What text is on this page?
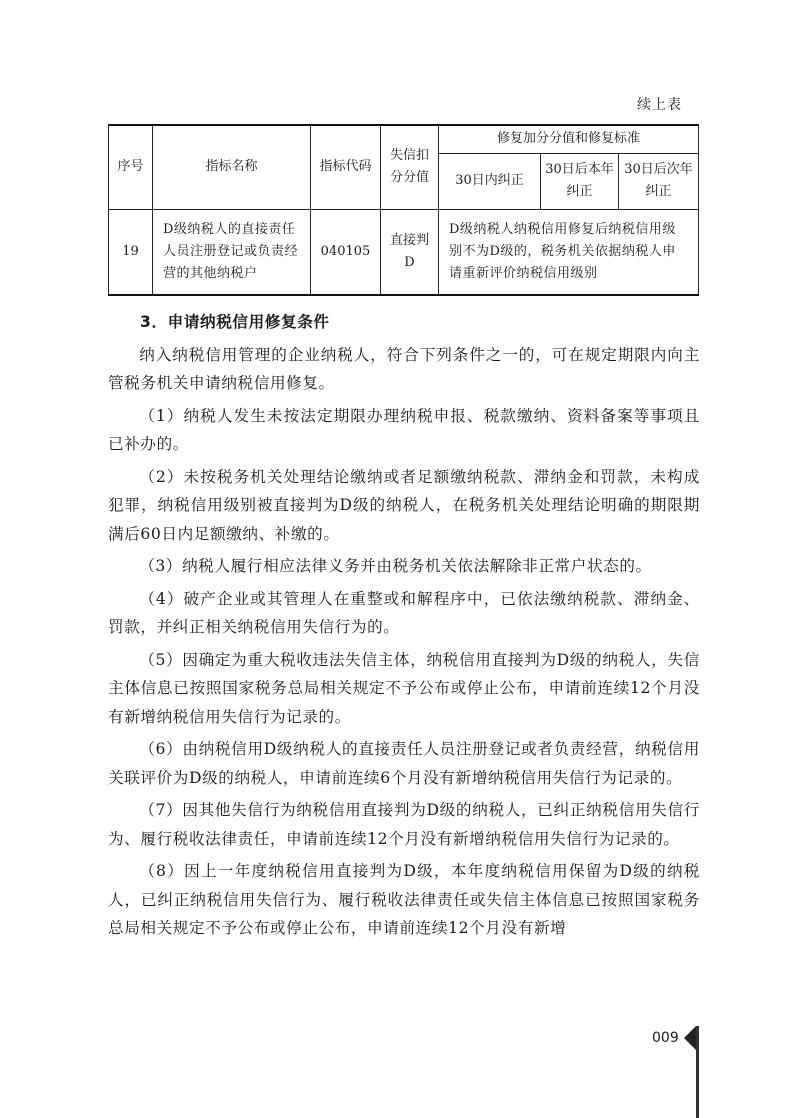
续上表
序号	指标名称	指标代码	失信扣分分值	修复加分分值和修复标准		
				30日内纠正	30日后本年纠正	30日后次年纠正
19	D级纳税人的直接责任人员注册登记或负责经营的其他纳税户	040105	直接判D	D级纳税人纳税信用修复后纳税信用级别不为D级的，税务机关依据纳税人申请重新评价纳税信用级别		
3．申请纳税信用修复条件

纳入纳税信用管理的企业纳税人，符合下列条件之一的，可在规定期限内向主管税务机关申请纳税信用修复。

（1）纳税人发生未按法定期限办理纳税申报、税款缴纳、资料备案等事项且已补办的。

（2）未按税务机关处理结论缴纳或者足额缴纳税款、滞纳金和罚款，未构成犯罪，纳税信用级别被直接判为D级的纳税人，在税务机关处理结论明确的期限期满后60日内足额缴纳、补缴的。

（3）纳税人履行相应法律义务并由税务机关依法解除非正常户状态的。

（4）破产企业或其管理人在重整或和解程序中，已依法缴纳税款、滞纳金、罚款，并纠正相关纳税信用失信行为的。

（5）因确定为重大税收违法失信主体，纳税信用直接判为D级的纳税人，失信主体信息已按照国家税务总局相关规定不予公布或停止公布，申请前连续12个月没有新增纳税信用失信行为记录的。

（6）由纳税信用D级纳税人的直接责任人员注册登记或者负责经营，纳税信用关联评价为D级的纳税人，申请前连续6个月没有新增纳税信用失信行为记录的。

（7）因其他失信行为纳税信用直接判为D级的纳税人，已纠正纳税信用失信行为、履行税收法律责任，申请前连续12个月没有新增纳税信用失信行为记录的。

（8）因上一年度纳税信用直接判为D级，本年度纳税信用保留为D级的纳税人，已纠正纳税信用失信行为、履行税收法律责任或失信主体信息已按照国家税务总局相关规定不予公布或停止公布，申请前连续12个月没有新增

009
